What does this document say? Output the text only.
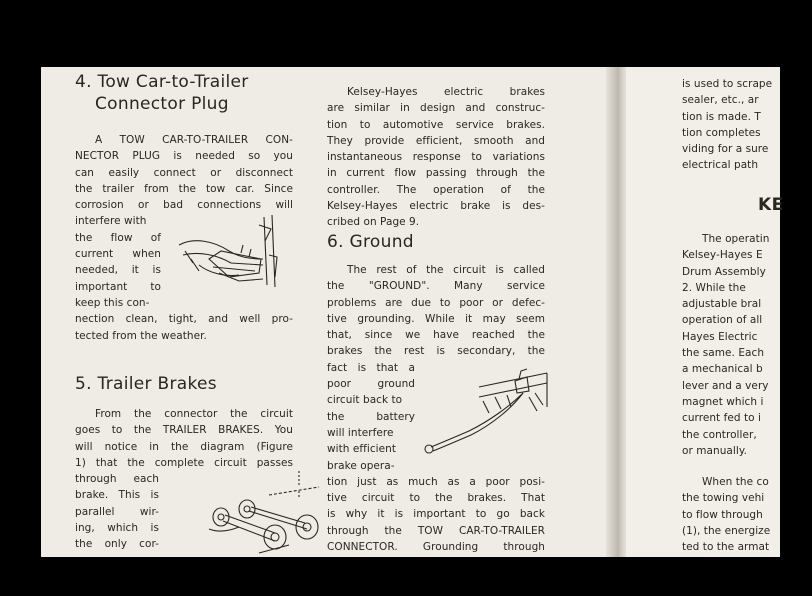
4. Tow Car-to-Trailer
Connector Plug
A TOW CAR-TO-TRAILER CON-
NECTOR PLUG is needed so you
can easily connect or disconnect
the trailer from the tow car. Since
corrosion or bad connections will
interfere with
the flow of
current when
needed, it is
important to
keep this con-
nection clean, tight, and well pro-
tected from the weather.
5. Trailer Brakes
From the connector the circuit
goes to the TRAILER BRAKES. You
will notice in the diagram (Figure
1) that the complete circuit passes
through each
brake. This is
parallel wir-
ing, which is
the only cor-
Kelsey-Hayes electric brakes
are similar in design and construc-
tion to automotive service brakes.
They provide efficient, smooth and
instantaneous response to variations
in current flow passing through the
controller. The operation of the
Kelsey-Hayes electric brake is des-
cribed on Page 9.
6. Ground
The rest of the circuit is called
the "GROUND". Many service
problems are due to poor or defec-
tive grounding. While it may seem
that, since we have reached the
brakes the rest is secondary, the
fact is that a
poor ground
circuit back to
the battery
will interfere
with efficient
brake opera-
tion just as much as a poor posi-
tive circuit to the brakes. That
is why it is important to go back
through the TOW CAR-TO-TRAILER
CONNECTOR. Grounding through
is used to scrape
sealer, etc., ar
tion is made. T
tion completes
viding for a sure
electrical path
KE
The operatin
Kelsey-Hayes E
Drum Assembly
2. While the
adjustable bral
operation of all
Hayes Electric
the same. Each
a mechanical b
lever and a very
magnet which i
current fed to i
the controller,
or manually.
When the co
the towing vehi
to flow through
(1), the energize
ted to the armat
